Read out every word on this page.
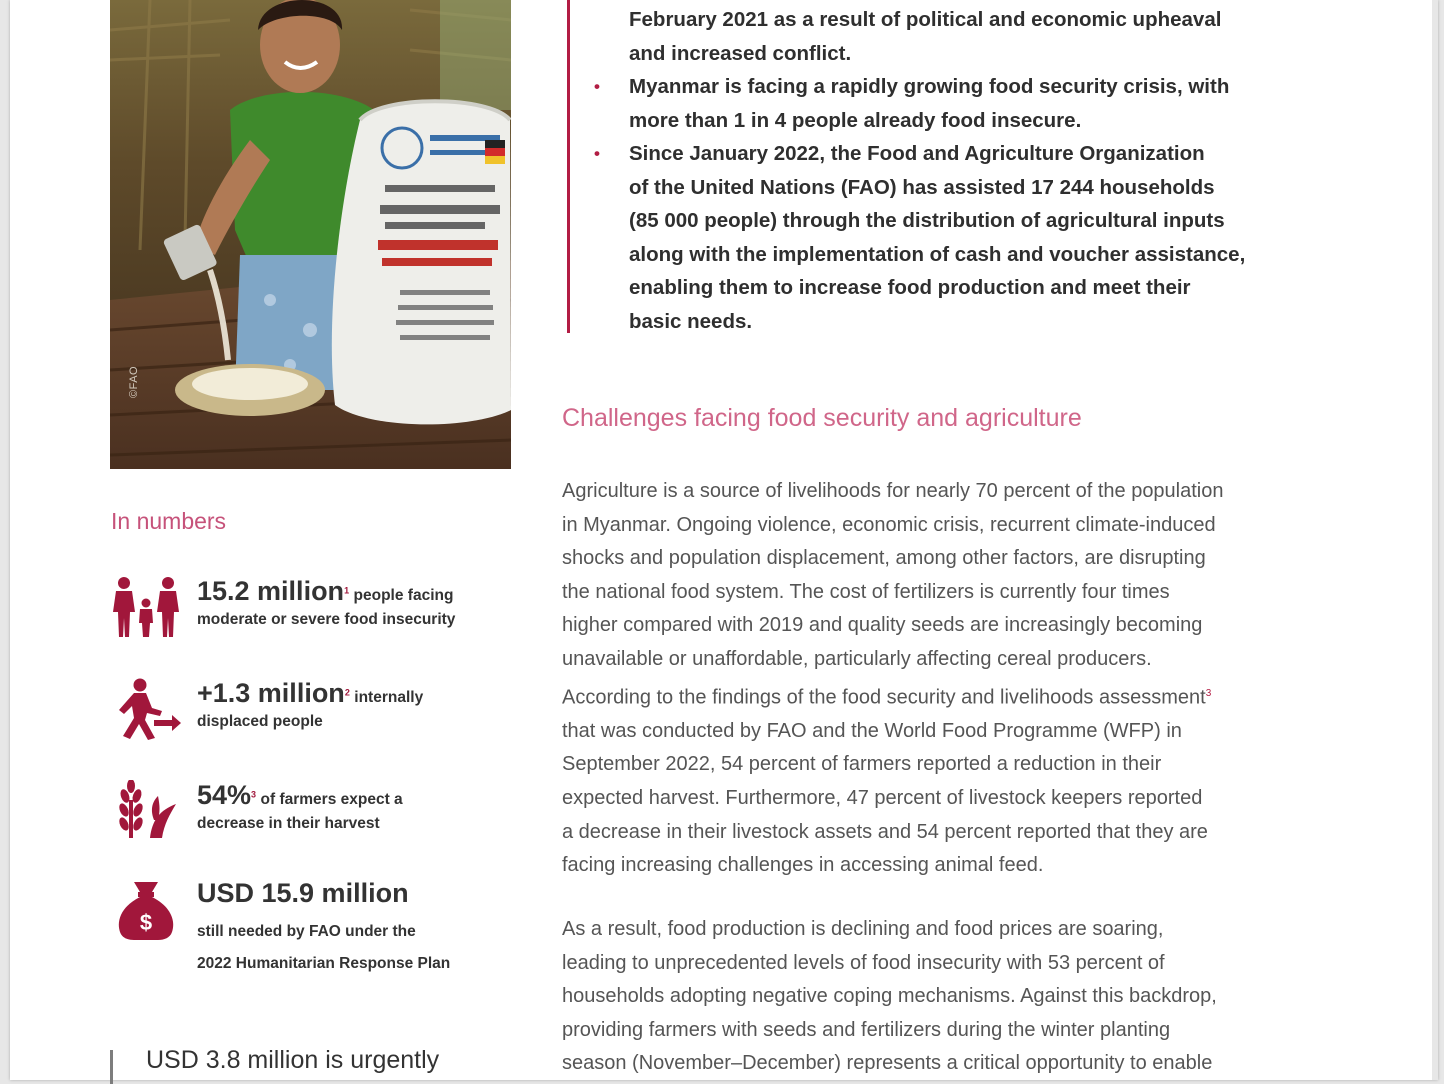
©FAO
In numbers
15.2 million$^1$ people facing
moderate or severe food insecurity
+1.3 million$^2$ internally
displaced people
54%$^3$ of farmers expect a
decrease in their harvest
$
USD 15.9 million
still needed by FAO under the
2022 Humanitarian Response Plan
USD 3.8 million is urgently
February 2021 as a result of political and economic upheaval
and increased conflict.
• Myanmar is facing a rapidly growing food security crisis, with
more than 1 in 4 people already food insecure.
• Since January 2022, the Food and Agriculture Organization
of the United Nations (FAO) has assisted 17 244 households
(85 000 people) through the distribution of agricultural inputs
along with the implementation of cash and voucher assistance,
enabling them to increase food production and meet their
basic needs.
Challenges facing food security and agriculture
Agriculture is a source of livelihoods for nearly 70 percent of the population
in Myanmar. Ongoing violence, economic crisis, recurrent climate-induced
shocks and population displacement, among other factors, are disrupting
the national food system. The cost of fertilizers is currently four times
higher compared with 2019 and quality seeds are increasingly becoming
unavailable or unaffordable, particularly affecting cereal producers.
According to the findings of the food security and livelihoods assessment$^3$
that was conducted by FAO and the World Food Programme (WFP) in
September 2022, 54 percent of farmers reported a reduction in their
expected harvest. Furthermore, 47 percent of livestock keepers reported
a decrease in their livestock assets and 54 percent reported that they are
facing increasing challenges in accessing animal feed.
As a result, food production is declining and food prices are soaring,
leading to unprecedented levels of food insecurity with 53 percent of
households adopting negative coping mechanisms. Against this backdrop,
providing farmers with seeds and fertilizers during the winter planting
season (November–December) represents a critical opportunity to enable
